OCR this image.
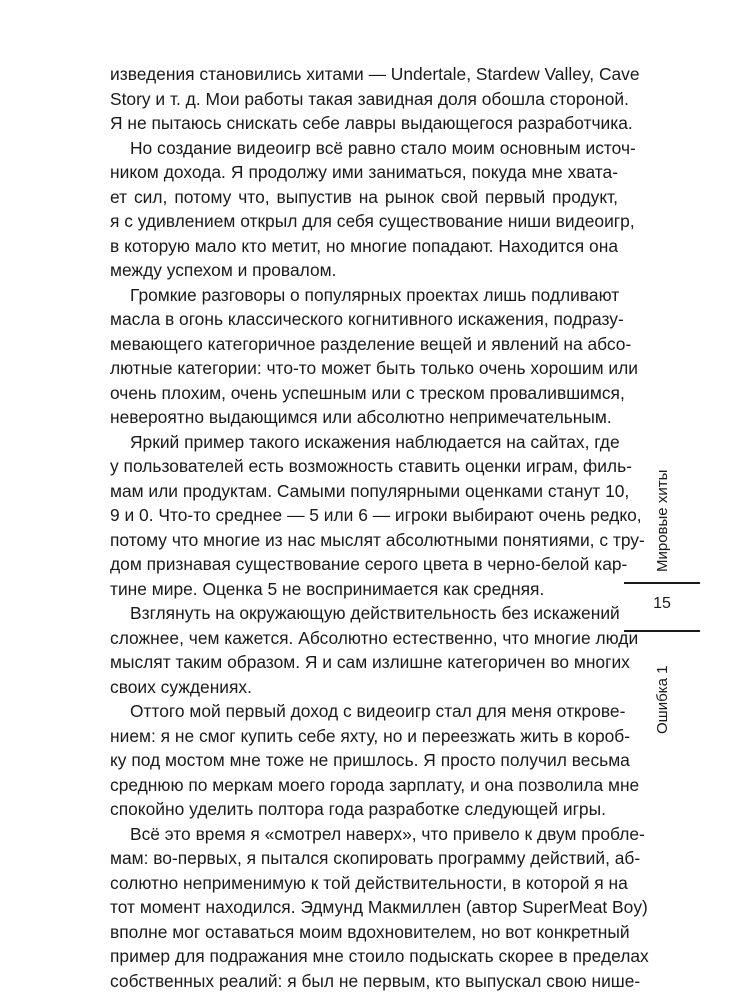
изведения становились хитами — Undertale, Stardew Valley, Cave
Story и т. д. Мои работы такая завидная доля обошла стороной.
Я не пытаюсь снискать себе лавры выдающегося разработчика.
Но создание видеоигр всё равно стало моим основным источ-
ником дохода. Я продолжу ими заниматься, покуда мне хвата-
ет сил, потому что, выпустив на рынок свой первый продукт,
я с удивлением открыл для себя существование ниши видеоигр,
в которую мало кто метит, но многие попадают. Находится она
между успехом и провалом.
Громкие разговоры о популярных проектах лишь подливают
масла в огонь классического когнитивного искажения, подразу-
мевающего категоричное разделение вещей и явлений на абсо-
лютные категории: что-то может быть только очень хорошим или
очень плохим, очень успешным или с треском провалившимся,
невероятно выдающимся или абсолютно непримечательным.
Яркий пример такого искажения наблюдается на сайтах, где
у пользователей есть возможность ставить оценки играм, филь-
мам или продуктам. Самыми популярными оценками станут 10,
9 и 0. Что-то среднее — 5 или 6 — игроки выбирают очень редко,
потому что многие из нас мыслят абсолютными понятиями, с тру-
дом признавая существование серого цвета в черно-белой кар-
тине мире. Оценка 5 не воспринимается как средняя.
Взглянуть на окружающую действительность без искажений
сложнее, чем кажется. Абсолютно естественно, что многие люди
мыслят таким образом. Я и сам излишне категоричен во многих
своих суждениях.
Оттого мой первый доход с видеоигр стал для меня открове-
нием: я не смог купить себе яхту, но и переезжать жить в короб-
ку под мостом мне тоже не пришлось. Я просто получил весьма
среднюю по меркам моего города зарплату, и она позволила мне
спокойно уделить полтора года разработке следующей игры.
Всё это время я «смотрел наверх», что привело к двум пробле-
мам: во-первых, я пытался скопировать программу действий, аб-
солютно неприменимую к той действительности, в которой я на
тот момент находился. Эдмунд Макмиллен (автор SuperMeat Boy)
вполне мог оставаться моим вдохновителем, но вот конкретный
пример для подражания мне стоило подыскать скорее в пределах
собственных реалий: я был не первым, кто выпускал свою нише-
Мировые хиты
15
Ошибка 1
